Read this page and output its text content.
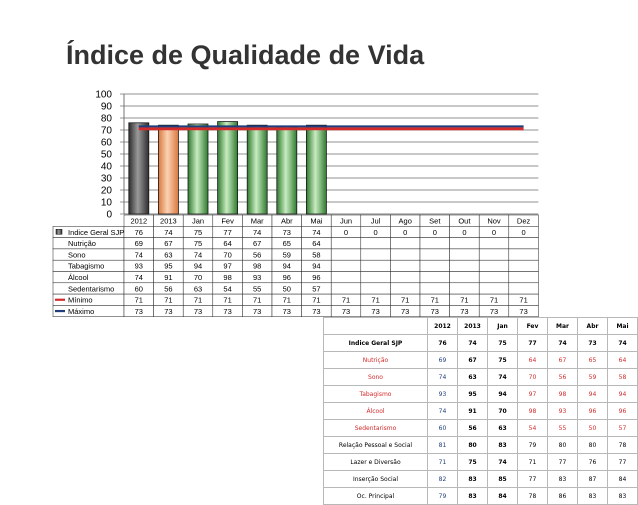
Índice de Qualidade de Vida
0
10
20
30
40
50
60
70
80
90
100
2012 2013 Jan Fev Mar Abr Mai Jun	Jul Ago Set Out Nov Dez
Indice Geral SJP 76	74	75	77	74	73	74	0	0	0	0	0	0	0
Nutrição	69	67	75	64	67	65	64
Sono	74	63	74	70	56	59	58
Tabagismo	93	95	94	97	98	94	94
Álcool	74	91	70	98	93	96	96
Sedentarismo	60	56	63	54	55	50	57
Mínimo	71	71	71	71	71	71	71	71	71	71	71	71	71	71
Máximo	73	73	73	73	73	73	73	73	73	73	73	73	73	73
	2012	2013	Jan	Fev	Mar	Abr	Mai
Indice Geral SJP	76	74	75	77	74	73	74
Nutrição	69	67	75	64	67	65	64
Sono	74	63	74	70	56	59	58
Tabagismo	93	95	94	97	98	94	94
Álcool	74	91	70	98	93	96	96
Sedentarismo	60	56	63	54	55	50	57
Relação Pessoal e Social	81	80	83	79	80	80	78
Lazer e Diversão	71	75	74	71	77	76	77
Inserção Social	82	83	85	77	83	87	84
Oc. Principal	79	83	84	78	86	83	83
